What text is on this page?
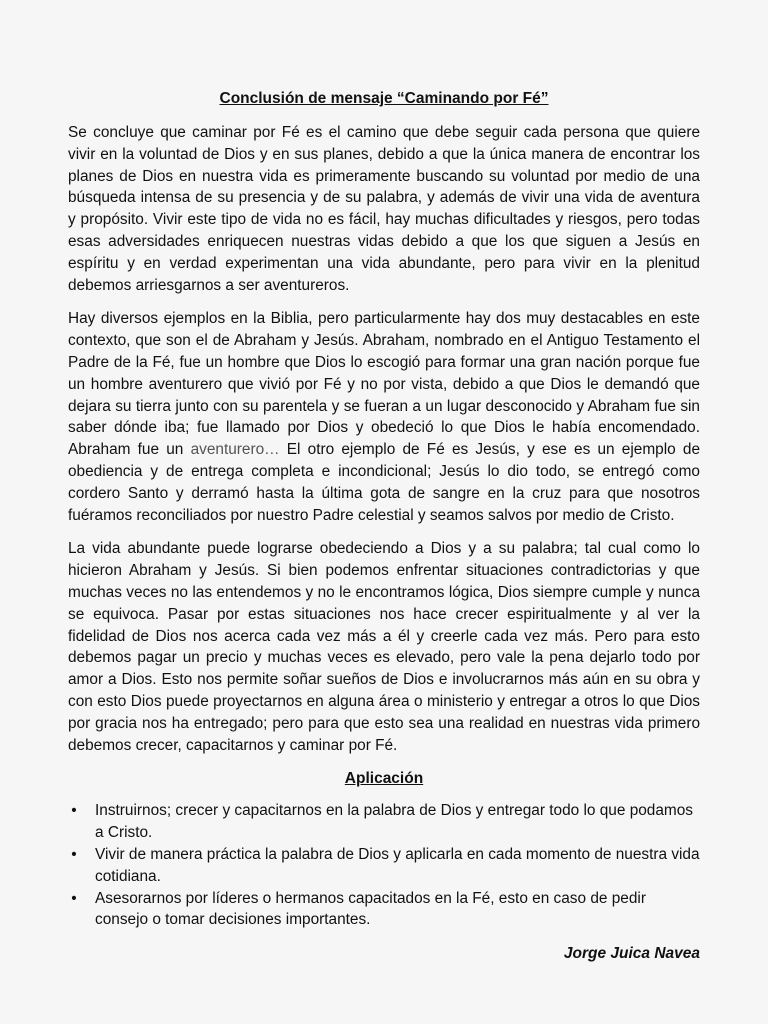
Conclusión de mensaje “Caminando por Fé”

Se concluye que caminar por Fé es el camino que debe seguir cada persona que quiere vivir en la voluntad de Dios y en sus planes, debido a que la única manera de encontrar los planes de Dios en nuestra vida es primeramente buscando su voluntad por medio de una búsqueda intensa de su presencia y de su palabra, y además de vivir una vida de aventura y propósito. Vivir este tipo de vida no es fácil, hay muchas dificultades y riesgos, pero todas esas adversidades enriquecen nuestras vidas debido a que los que siguen a Jesús en espíritu y en verdad experimentan una vida abundante, pero para vivir en la plenitud debemos arriesgarnos a ser aventureros.

Hay diversos ejemplos en la Biblia, pero particularmente hay dos muy destacables en este contexto, que son el de Abraham y Jesús. Abraham, nombrado en el Antiguo Testamento el Padre de la Fé, fue un hombre que Dios lo escogió para formar una gran nación porque fue un hombre aventurero que vivió por Fé y no por vista, debido a que Dios le demandó que dejara su tierra junto con su parentela y se fueran a un lugar desconocido y Abraham fue sin saber dónde iba; fue llamado por Dios y obedeció lo que Dios le había encomendado. Abraham fue un aventurero… El otro ejemplo de Fé es Jesús, y ese es un ejemplo de obediencia y de entrega completa e incondicional; Jesús lo dio todo, se entregó como cordero Santo y derramó hasta la última gota de sangre en la cruz para que nosotros fuéramos reconciliados por nuestro Padre celestial y seamos salvos por medio de Cristo.

La vida abundante puede lograrse obedeciendo a Dios y a su palabra; tal cual como lo hicieron Abraham y Jesús. Si bien podemos enfrentar situaciones contradictorias y que muchas veces no las entendemos y no le encontramos lógica, Dios siempre cumple y nunca se equivoca. Pasar por estas situaciones nos hace crecer espiritualmente y al ver la fidelidad de Dios nos acerca cada vez más a él y creerle cada vez más. Pero para esto debemos pagar un precio y muchas veces es elevado, pero vale la pena dejarlo todo por amor a Dios. Esto nos permite soñar sueños de Dios e involucrarnos más aún en su obra y con esto Dios puede proyectarnos en alguna área o ministerio y entregar a otros lo que Dios por gracia nos ha entregado; pero para que esto sea una realidad en nuestras vida primero debemos crecer, capacitarnos y caminar por Fé.

Aplicación
• Instruirnos; crecer y capacitarnos en la palabra de Dios y entregar todo lo que podamos a Cristo.
• Vivir de manera práctica la palabra de Dios y aplicarla en cada momento de nuestra vida cotidiana.
• Asesorarnos por líderes o hermanos capacitados en la Fé, esto en caso de pedir consejo o tomar decisiones importantes.
Jorge Juica Navea
